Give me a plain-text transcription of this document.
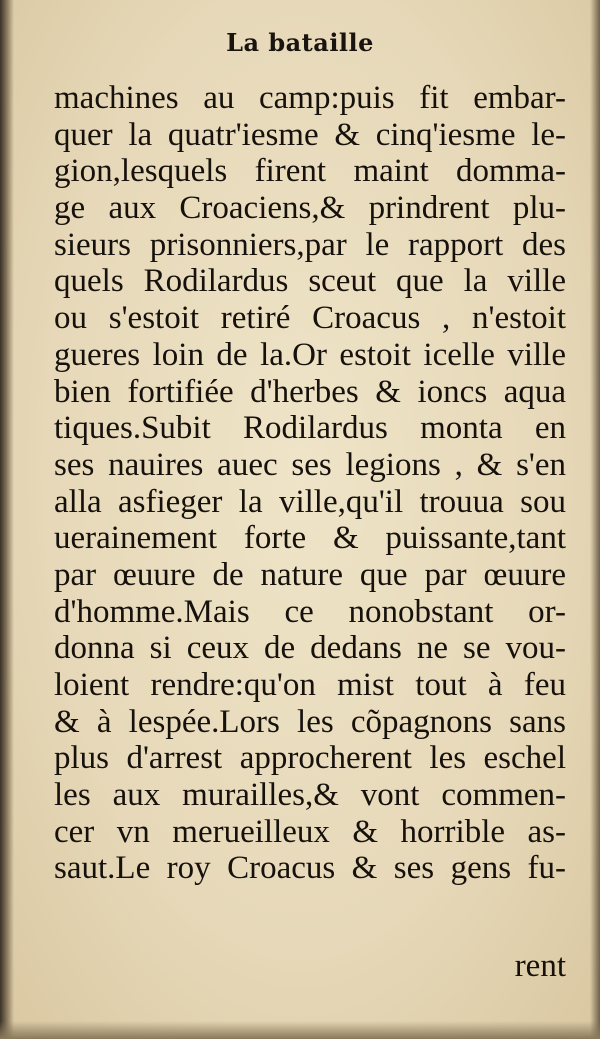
La bataille
machines au camp:puis fit embar-
quer la quatr'iesme & cinq'iesme le-
gion,lesquels firent maint domma-
ge aux Croaciens,& prindrent plu-
sieurs prisonniers,par le rapport des
quels Rodilardus sceut que la ville
ou s'estoit retiré Croacus , n'estoit
gueres loin de la.Or estoit icelle ville
bien fortifiée d'herbes & ioncs aqua
tiques.Subit Rodilardus monta en
ses nauires auec ses legions , & s'en
alla asfieger la ville,qu'il trouua sou
uerainement forte & puissante,tant
par œuure de nature que par œuure
d'homme.Mais ce nonobstant or-
donna si ceux de dedans ne se vou-
loient rendre:qu'on mist tout à feu
& à lespée.Lors les cõpagnons sans
plus d'arrest approcherent les eschel
les aux murailles,& vont commen-
cer vn merueilleux & horrible as-
saut.Le roy Croacus & ses gens fu-
rent
